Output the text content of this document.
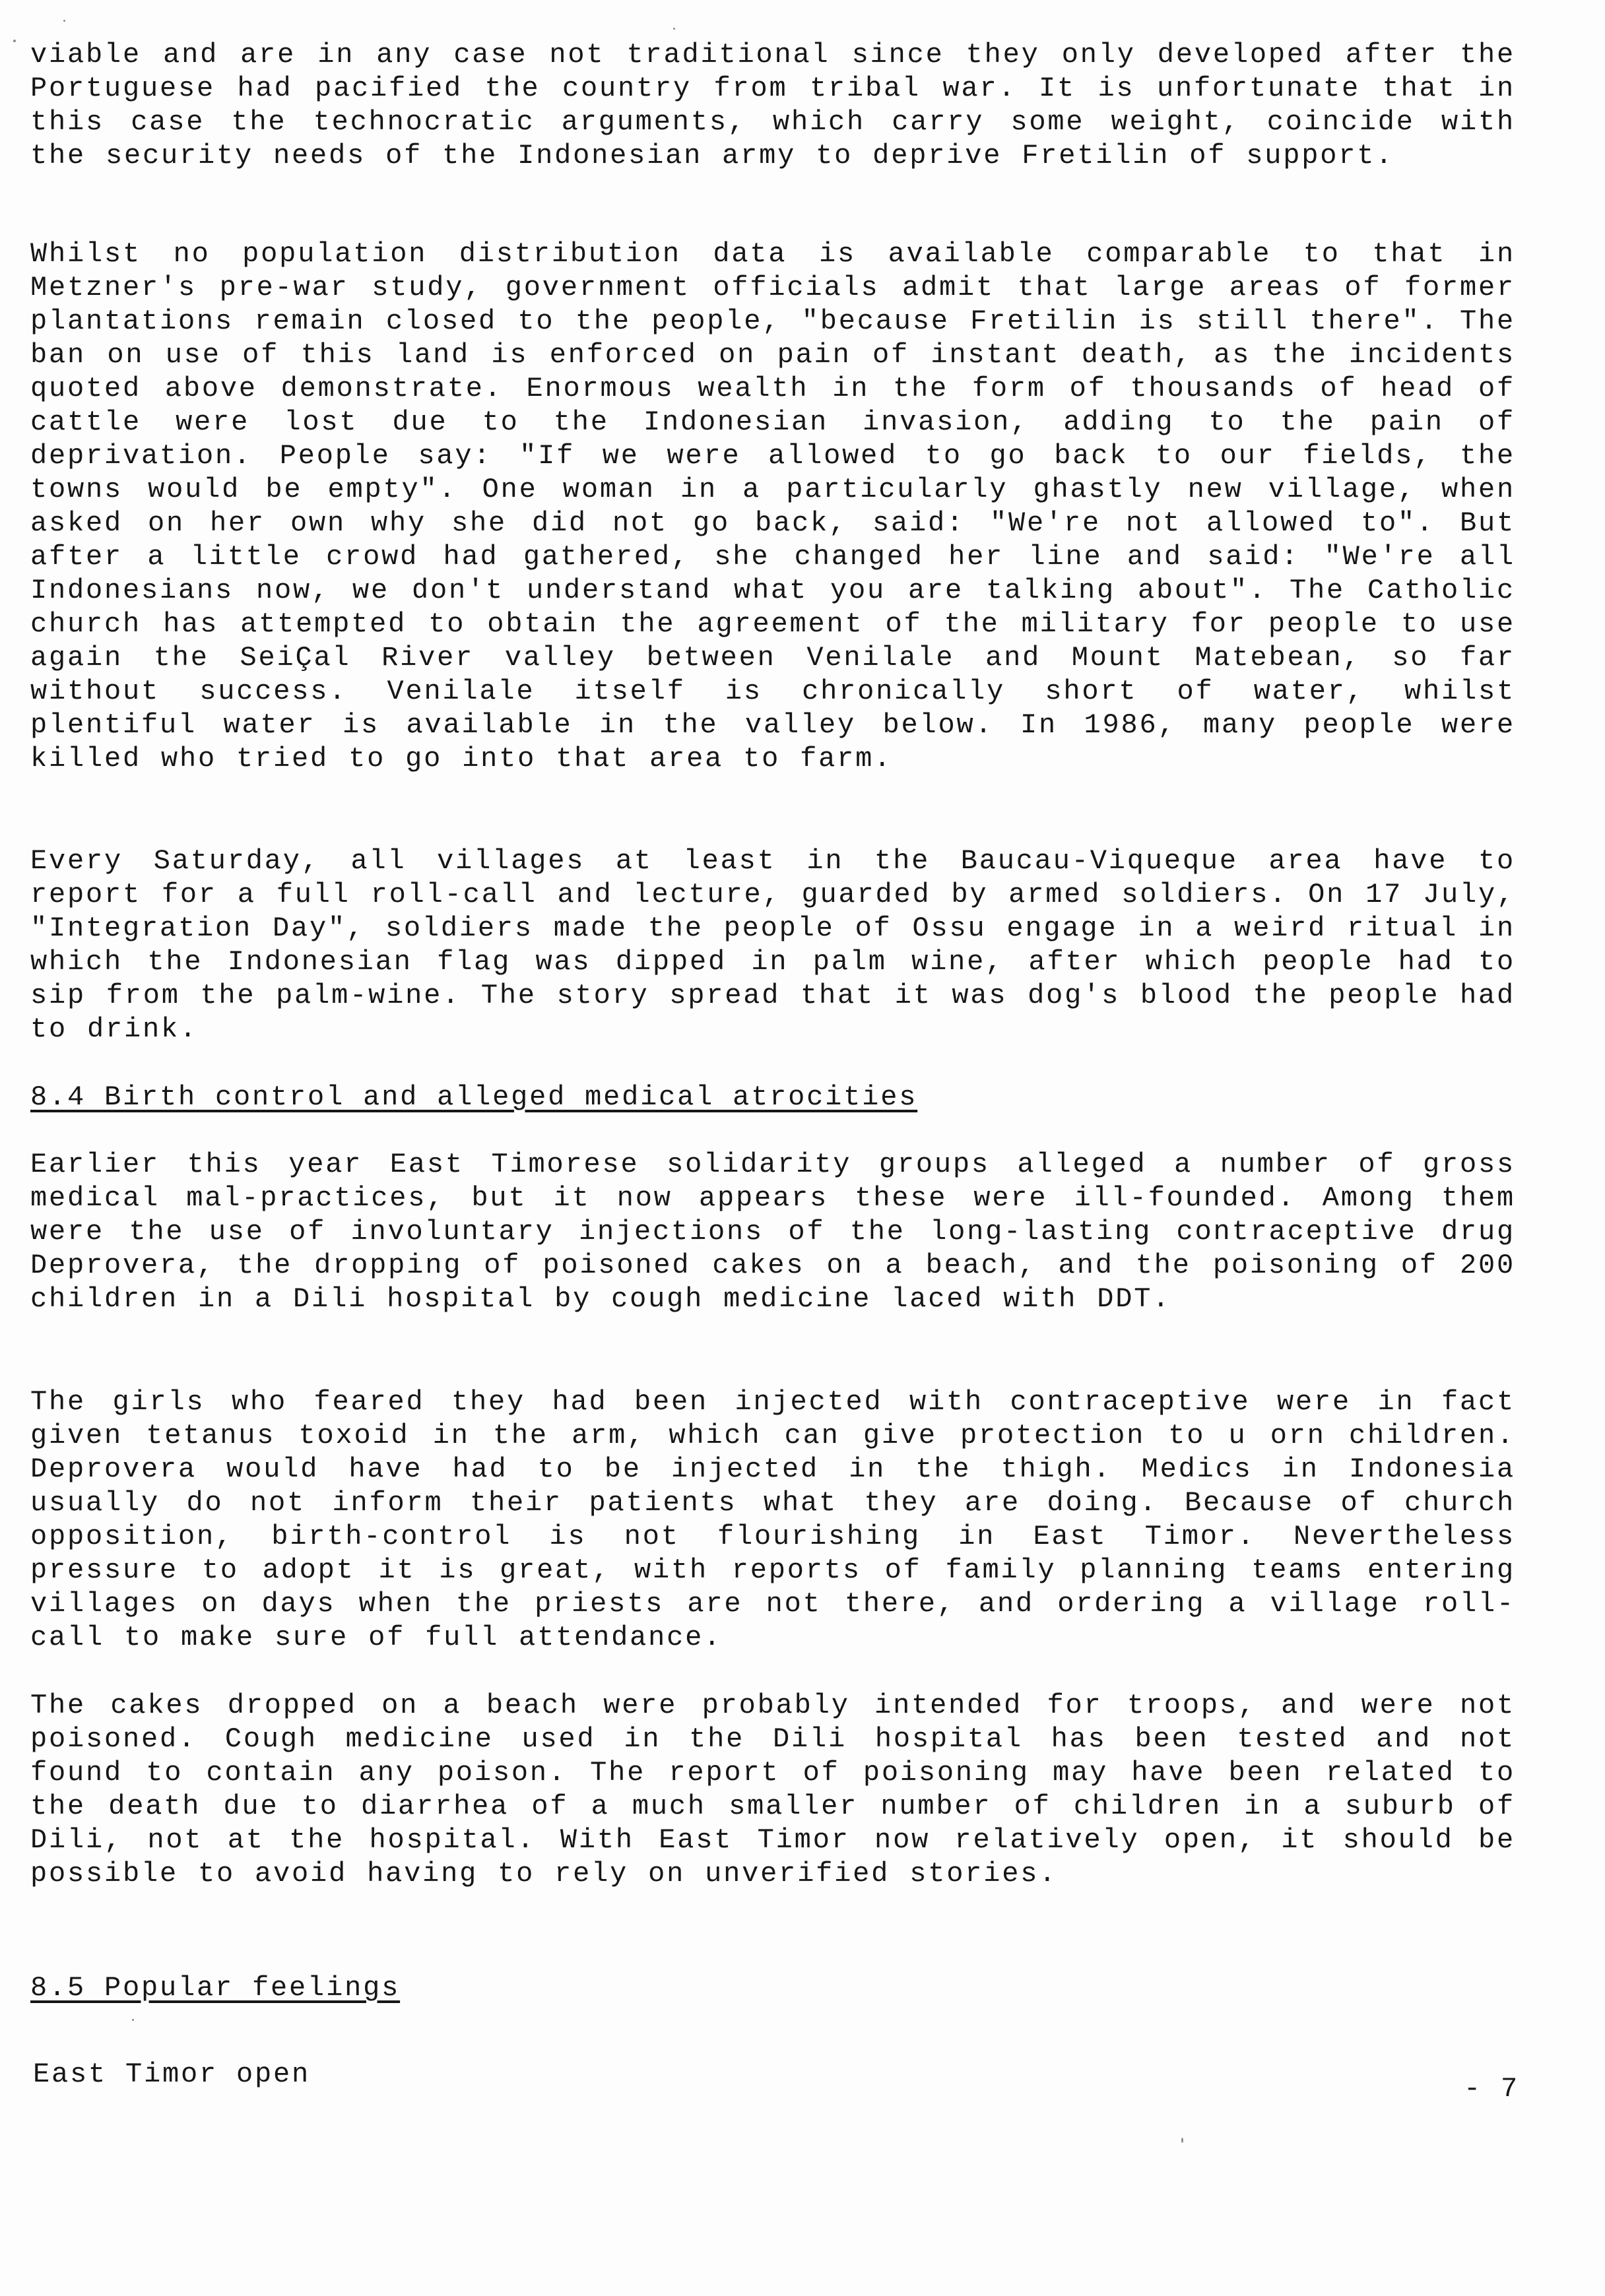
viable and are in any case not traditional since they only developed after the Portuguese had pacified the country from tribal war. It is unfortunate that in this case the technocratic arguments, which carry some weight, coincide with the security needs of the Indonesian army to deprive Fretilin of support.

Whilst no population distribution data is available comparable to that in Metzner's pre-war study, government officials admit that large areas of former plantations remain closed to the people, "because Fretilin is still there". The ban on use of this land is enforced on pain of instant death, as the incidents quoted above demonstrate. Enormous wealth in the form of thousands of head of cattle were lost due to the Indonesian invasion, adding to the pain of deprivation. People say: "If we were allowed to go back to our fields, the towns would be empty". One woman in a particularly ghastly new village, when asked on her own why she did not go back, said: "We're not allowed to". But after a little crowd had gathered, she changed her line and said: "We're all Indonesians now, we don't understand what you are talking about". The Catholic church has attempted to obtain the agreement of the military for people to use again the SeiÇal River valley between Venilale and Mount Matebean, so far without success. Venilale itself is chronically short of water, whilst plentiful water is available in the valley below. In 1986, many people were killed who tried to go into that area to farm.

Every Saturday, all villages at least in the Baucau-Viqueque area have to report for a full roll-call and lecture, guarded by armed soldiers. On 17 July, "Integration Day", soldiers made the people of Ossu engage in a weird ritual in which the Indonesian flag was dipped in palm wine, after which people had to sip from the palm-wine. The story spread that it was dog's blood the people had to drink.

8.4 Birth control and alleged medical atrocities

Earlier this year East Timorese solidarity groups alleged a number of gross medical mal-practices, but it now appears these were ill-founded. Among them were the use of involuntary injections of the long-lasting contraceptive drug Deprovera, the dropping of poisoned cakes on a beach, and the poisoning of 200 children in a Dili hospital by cough medicine laced with DDT.

The girls who feared they had been injected with contraceptive were in fact given tetanus toxoid in the arm, which can give protection to u orn children. Deprovera would have had to be injected in the thigh. Medics in Indonesia usually do not inform their patients what they are doing. Because of church opposition, birth-control is not flourishing in East Timor. Nevertheless pressure to adopt it is great, with reports of family planning teams entering villages on days when the priests are not there, and ordering a village roll-call to make sure of full attendance.

The cakes dropped on a beach were probably intended for troops, and were not poisoned. Cough medicine used in the Dili hospital has been tested and not found to contain any poison. The report of poisoning may have been related to the death due to diarrhea of a much smaller number of children in a suburb of Dili, not at the hospital. With East Timor now relatively open, it should be possible to avoid having to rely on unverified stories.

8.5 Popular feelings
East Timor open	- 7
